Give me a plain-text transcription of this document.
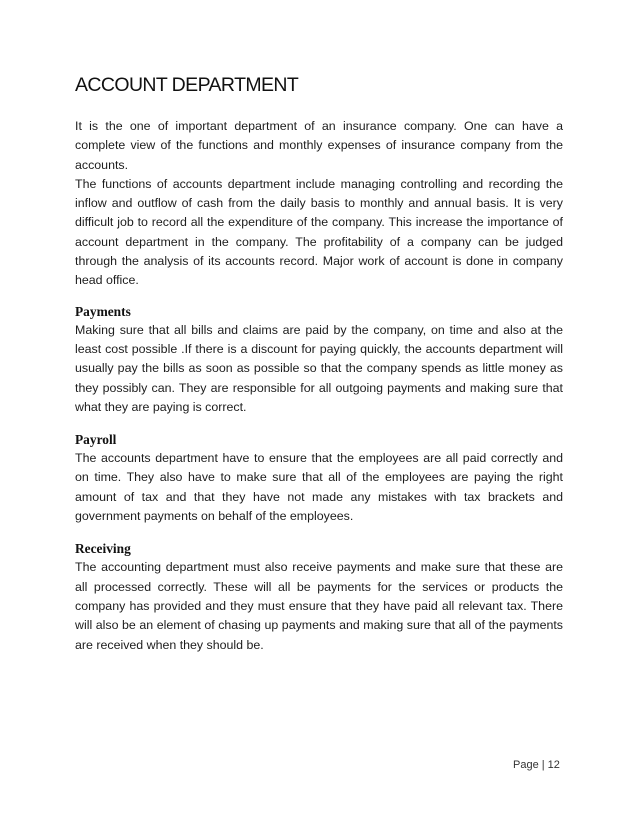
ACCOUNT DEPARTMENT

It is the one of important department of an insurance company. One can have a complete view of the functions and monthly expenses of insurance company from the accounts.

The functions of accounts department include managing controlling and recording the inflow and outflow of cash from the daily basis to monthly and annual basis. It is very difficult job to record all the expenditure of the company. This increase the importance of account department in the company. The profitability of a company can be judged through the analysis of its accounts record. Major work of account is done in company head office.

Payments

Making sure that all bills and claims are paid by the company, on time and also at the least cost possible .If there is a discount for paying quickly, the accounts department will usually pay the bills as soon as possible so that the company spends as little money as they possibly can. They are responsible for all outgoing payments and making sure that what they are paying is correct.

Payroll

The accounts department have to ensure that the employees are all paid correctly and on time. They also have to make sure that all of the employees are paying the right amount of tax and that they have not made any mistakes with tax brackets and government payments on behalf of the employees.

Receiving

The accounting department must also receive payments and make sure that these are all processed correctly. These will all be payments for the services or products the company has provided and they must ensure that they have paid all relevant tax. There will also be an element of chasing up payments and making sure that all of the payments are received when they should be.

Page | 12
